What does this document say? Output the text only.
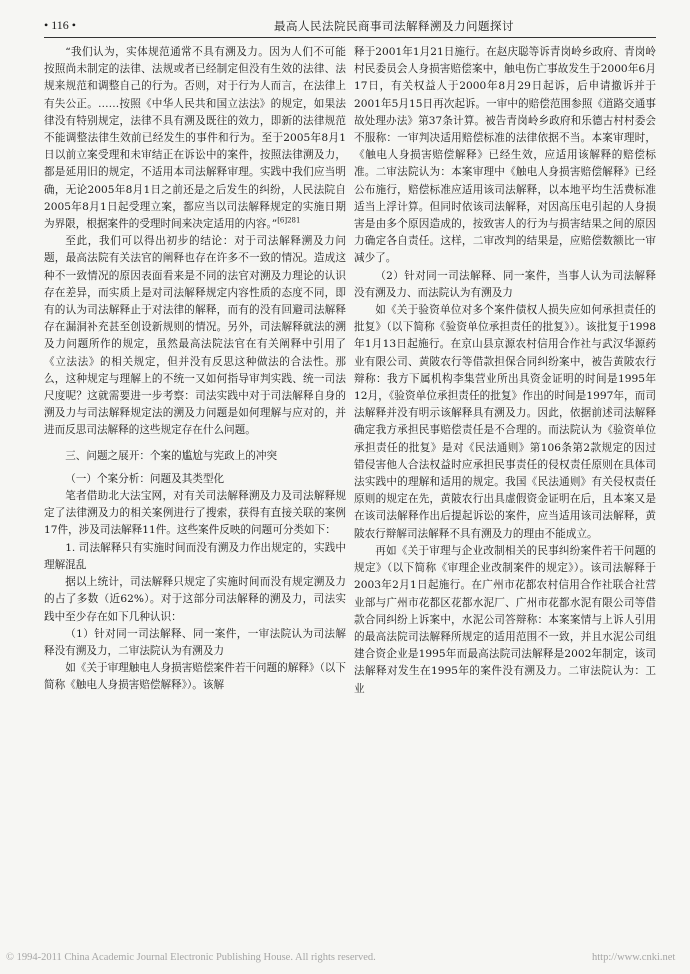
• 116 •	最高人民法院民商事司法解释溯及力问题探讨

“我们认为，实体规范通常不具有溯及力。因为人们不可能按照尚未制定的法律、法规或者已经制定但没有生效的法律、法规来规范和调整自己的行为。否则，对于行为人而言，在法律上有失公正。……按照《中华人民共和国立法法》的规定，如果法律没有特别规定，法律不具有溯及既往的效力，即新的法律规范不能调整法律生效前已经发生的事件和行为。至于2005年8月1日以前立案受理和未审结正在诉讼中的案件，按照法律溯及力，都是延用旧的规定，不适用本司法解释审理。实践中我们应当明确，无论2005年8月1日之前还是之后发生的纠纷，人民法院自2005年8月1日起受理立案，都应当以司法解释规定的实施日期为界限，根据案件的受理时间来决定适用的内容。”$^{[6]281}$

至此，我们可以得出初步的结论：对于司法解释溯及力问题，最高法院有关法官的阐释也存在许多不一致的情况。造成这种不一致情况的原因表面看来是不同的法官对溯及力理论的认识存在差异，而实质上是对司法解释规定内容性质的态度不同，即有的认为司法解释止于对法律的解释，而有的没有回避司法解释存在漏洞补充甚至创设新规则的情况。另外，司法解释就法的溯及力问题所作的规定，虽然最高法院法官在有关阐释中引用了《立法法》的相关规定，但并没有反思这种做法的合法性。那么，这种规定与理解上的不统一又如何指导审判实践、统一司法尺度呢？这就需要进一步考察：司法实践中对于司法解释自身的溯及力与司法解释规定法的溯及力问题是如何理解与应对的，并进而反思司法解释的这些规定存在什么问题。

三、问题之展开：个案的尴尬与宪政上的冲突

（一）个案分析：问题及其类型化

笔者借助北大法宝网，对有关司法解释溯及力及司法解释规定了法律溯及力的相关案例进行了搜索，获得有直接关联的案例17件，涉及司法解释11件。这些案件反映的问题可分类如下：

1. 司法解释只有实施时间而没有溯及力作出规定的，实践中理解混乱

据以上统计，司法解释只规定了实施时间而没有规定溯及力的占了多数（近62%）。对于这部分司法解释的溯及力，司法实践中至少存在如下几种认识：

（1）针对同一司法解释、同一案件，一审法院认为司法解释没有溯及力，二审法院认为有溯及力

如《关于审理触电人身损害赔偿案件若干问题的解释》（以下简称《触电人身损害赔偿解释》）。该解

释于2001年1月21日施行。在赵庆聪等诉青岗岭乡政府、青岗岭村民委员会人身损害赔偿案中，触电伤亡事故发生于2000年6月17日，有关权益人于2000年8月29日起诉，后申请撤诉并于2001年5月15日再次起诉。一审中的赔偿范围参照《道路交通事故处理办法》第37条计算。被告青岗岭乡政府和乐德古村村委会不服称：一审判决适用赔偿标准的法律依据不当。本案审理时，《触电人身损害赔偿解释》已经生效，应适用该解释的赔偿标准。二审法院认为：本案审理中《触电人身损害赔偿解释》已经公布施行，赔偿标准应适用该司法解释，以本地平均生活费标准适当上浮计算。但同时依该司法解释，对因高压电引起的人身损害是由多个原因造成的，按致害人的行为与损害结果之间的原因力确定各自责任。这样，二审改判的结果是，应赔偿数额比一审减少了。

（2）针对同一司法解释、同一案件，当事人认为司法解释没有溯及力、而法院认为有溯及力

如《关于验资单位对多个案件债权人损失应如何承担责任的批复》（以下简称《验资单位承担责任的批复》）。该批复于1998年1月13日起施行。在京山县京源农村信用合作社与武汉华源药业有限公司、黄陂农行等借款担保合同纠纷案中，被告黄陂农行辩称：我方下属机构李集营业所出具资金证明的时间是1995年12月，《验资单位承担责任的批复》作出的时间是1997年，而司法解释并没有明示该解释具有溯及力。因此，依据前述司法解释确定我方承担民事赔偿责任是不合理的。而法院认为《验资单位承担责任的批复》是对《民法通则》第106条第2款规定的因过错侵害他人合法权益时应承担民事责任的侵权责任原则在具体司法实践中的理解和适用的规定。我国《民法通则》有关侵权责任原则的规定在先，黄陂农行出具虚假资金证明在后，且本案又是在该司法解释作出后提起诉讼的案件，应当适用该司法解释，黄陂农行辩解司法解释不具有溯及力的理由不能成立。

再如《关于审理与企业改制相关的民事纠纷案件若干问题的规定》（以下简称《审理企业改制案件的规定》）。该司法解释于2003年2月1日起施行。在广州市花都农村信用合作社联合社营业部与广州市花都区花都水泥厂、广州市花都水泥有限公司等借款合同纠纷上诉案中，水泥公司答辩称：本案案情与上诉人引用的最高法院司法解释所规定的适用范围不一致，并且水泥公司组建合资企业是1995年而最高法院司法解释是2002年制定，该司法解释对发生在1995年的案件没有溯及力。二审法院认为：工业

© 1994-2011 China Academic Journal Electronic Publishing House. All rights reserved.	http://www.cnki.net
